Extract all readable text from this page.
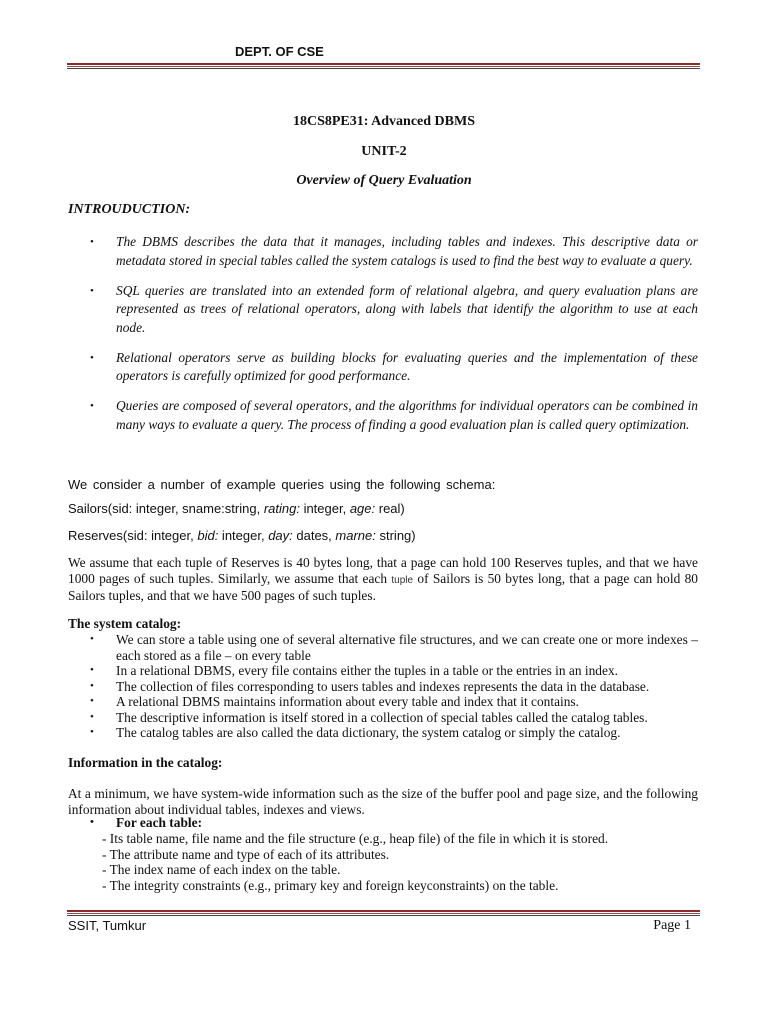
DEPT. OF CSE
18CS8PE31: Advanced DBMS
UNIT-2
Overview of Query Evaluation
INTROUDUCTION:
• The DBMS describes the data that it manages, including tables and indexes. This descriptive data or metadata stored in special tables called the system catalogs is used to find the best way to evaluate a query.
• SQL queries are translated into an extended form of relational algebra, and query evaluation plans are represented as trees of relational operators, along with labels that identify the algorithm to use at each node.
• Relational operators serve as building blocks for evaluating queries and the implementation of these operators is carefully optimized for good performance.
• Queries are composed of several operators, and the algorithms for individual operators can be combined in many ways to evaluate a query. The process of finding a good evaluation plan is called query optimization.
We consider a number of example queries using the following schema:
Sailors(sid: integer, sname:string, rating: integer, age: real)
Reserves(sid: integer, bid: integer, day: dates, marne: string)
We assume that each tuple of Reserves is 40 bytes long, that a page can hold 100 Reserves tuples, and that we have 1000 pages of such tuples. Similarly, we assume that each tuple of Sailors is 50 bytes long, that a page can hold 80 Sailors tuples, and that we have 500 pages of such tuples.
The system catalog:
• We can store a table using one of several alternative file structures, and we can create one or more indexes – each stored as a file – on every table
• In a relational DBMS, every file contains either the tuples in a table or the entries in an index.
• The collection of files corresponding to users tables and indexes represents the data in the database.
• A relational DBMS maintains information about every table and index that it contains.
• The descriptive information is itself stored in a collection of special tables called the catalog tables.
• The catalog tables are also called the data dictionary, the system catalog or simply the catalog.
Information in the catalog:
At a minimum, we have system-wide information such as the size of the buffer pool and page size, and the following information about individual tables, indexes and views.
• For each table:
- Its table name, file name and the file structure (e.g., heap file) of the file in which it is stored.
- The attribute name and type of each of its attributes.
- The index name of each index on the table.
- The integrity constraints (e.g., primary key and foreign keyconstraints) on the table.
SSIT, Tumkur	Page 1
